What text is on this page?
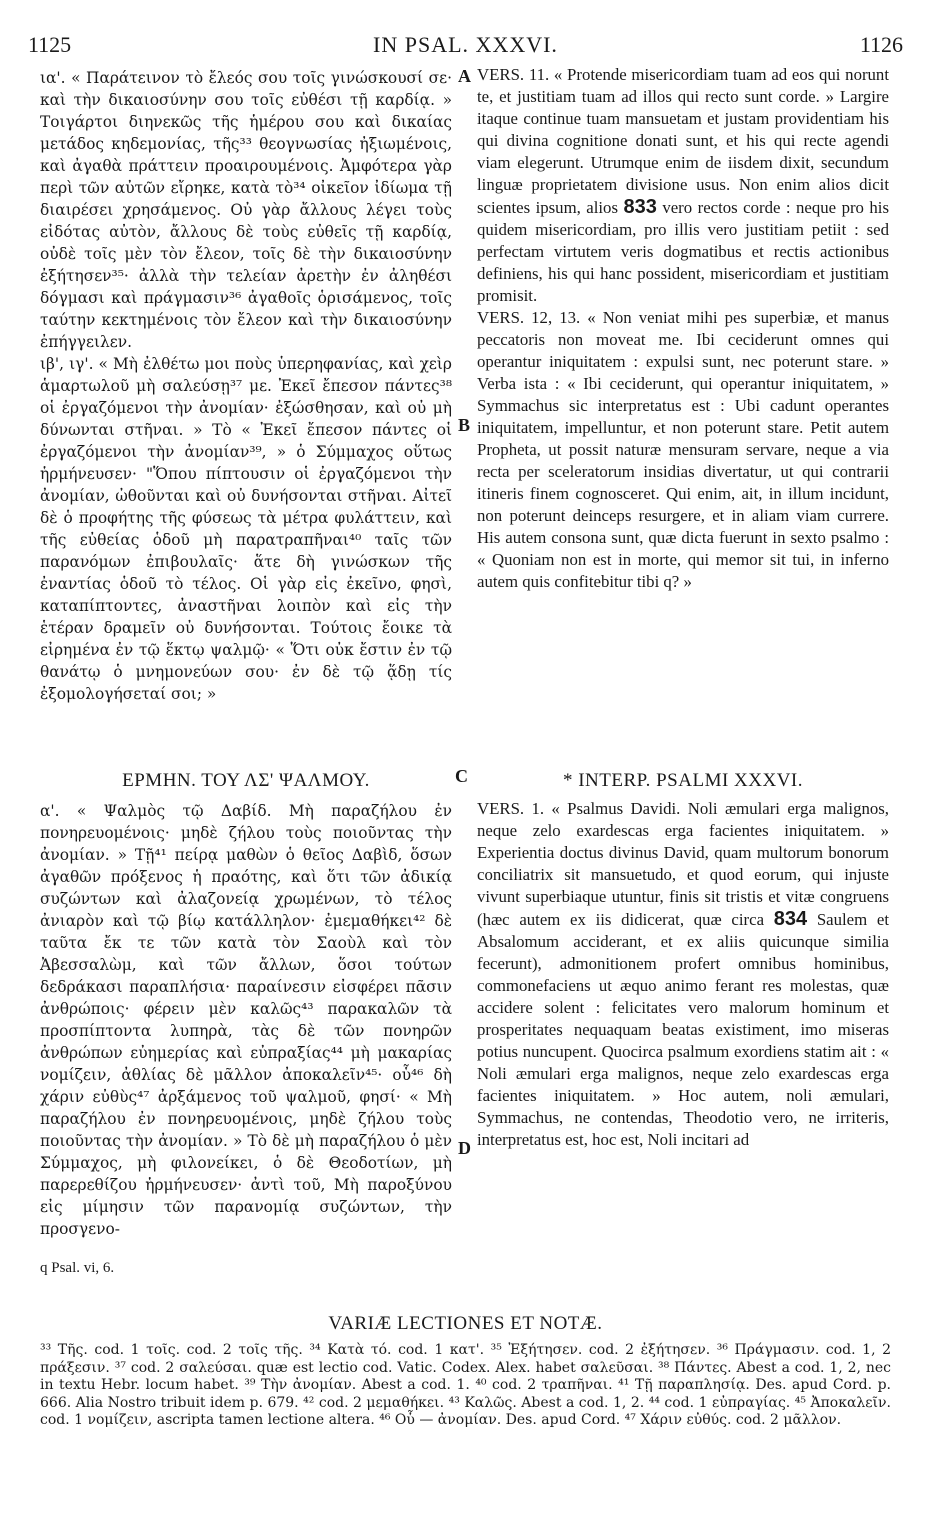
1125	IN PSAL. XXXVI.	1126
A
B
C
D

ια'. « Παράτεινον τὸ ἔλεός σου τοῖς γινώσκουσί σε· καὶ τὴν δικαιοσύνην σου τοῖς εὐθέσι τῇ καρδίᾳ. » Τοιγάρτοι διηνεκῶς τῆς ἡμέρου σου καὶ δικαίας μετάδος κηδεμονίας, τῆς³³ θεογνωσίας ἠξιωμένοις, καὶ ἀγαθὰ πράττειν προαιρουμένοις. Ἀμφότερα γὰρ περὶ τῶν αὐτῶν εἴρηκε, κατὰ τὸ³⁴ οἰκεῖον ἰδίωμα τῇ διαιρέσει χρησάμενος. Οὐ γὰρ ἄλλους λέγει τοὺς εἰδότας αὐτὸν, ἄλλους δὲ τοὺς εὐθεῖς τῇ καρδίᾳ, οὐδὲ τοῖς μὲν τὸν ἔλεον, τοῖς δὲ τὴν δικαιοσύνην ἐξήτησεν³⁵· ἀλλὰ τὴν τελείαν ἀρετὴν ἐν ἀληθέσι δόγμασι καὶ πράγμασιν³⁶ ἀγαθοῖς ὁρισάμενος, τοῖς ταύτην κεκτημένοις τὸν ἔλεον καὶ τὴν δικαιοσύνην ἐπήγγειλεν.

ιβ', ιγ'. « Μὴ ἐλθέτω μοι ποὺς ὑπερηφανίας, καὶ χεὶρ ἁμαρτωλοῦ μὴ σαλεύσῃ³⁷ με. Ἐκεῖ ἔπεσον πάντες³⁸ οἱ ἐργαζόμενοι τὴν ἀνομίαν· ἐξώσθησαν, καὶ οὐ μὴ δύνωνται στῆναι. » Τὸ « Ἐκεῖ ἔπεσον πάντες οἱ ἐργαζόμενοι τὴν ἀνομίαν³⁹, » ὁ Σύμμαχος οὕτως ἡρμήνευσεν· "Ὅπου πίπτουσιν οἱ ἐργαζόμενοι τὴν ἀνομίαν, ὠθοῦνται καὶ οὐ δυνήσονται στῆναι. Αἰτεῖ δὲ ὁ προφήτης τῆς φύσεως τὰ μέτρα φυλάττειν, καὶ τῆς εὐθείας ὁδοῦ μὴ παρατραπῆναι⁴⁰ ταῖς τῶν παρανόμων ἐπιβουλαῖς· ἅτε δὴ γινώσκων τῆς ἐναντίας ὁδοῦ τὸ τέλος. Οἱ γὰρ εἰς ἐκεῖνο, φησὶ, καταπίπτοντες, ἀναστῆναι λοιπὸν καὶ εἰς τὴν ἑτέραν δραμεῖν οὐ δυνήσονται. Τούτοις ἔοικε τὰ εἰρημένα ἐν τῷ ἕκτῳ ψαλμῷ· « Ὅτι οὐκ ἔστιν ἐν τῷ θανάτῳ ὁ μνημονεύων σου· ἐν δὲ τῷ ᾅδῃ τίς ἐξομολογήσεταί σοι; »

VERS. 11. « Protende misericordiam tuam ad eos qui norunt te, et justitiam tuam ad illos qui recto sunt corde. » Largire itaque continue tuam mansuetam et justam providentiam his qui divina cognitione donati sunt, et his qui recte agendi viam elegerunt. Utrumque enim de iisdem dixit, secundum linguæ proprietatem divisione usus. Non enim alios dicit scientes ipsum, alios 833 vero rectos corde : neque pro his quidem misericordiam, pro illis vero justitiam petiit : sed perfectam virtutem veris dogmatibus et rectis actionibus definiens, his qui hanc possident, misericordiam et justitiam promisit.

VERS. 12, 13. « Non veniat mihi pes superbiæ, et manus peccatoris non moveat me. Ibi ceciderunt omnes qui operantur iniquitatem : expulsi sunt, nec poterunt stare. » Verba ista : « Ibi ceciderunt, qui operantur iniquitatem, » Symmachus sic interpretatus est : Ubi cadunt operantes iniquitatem, impelluntur, et non poterunt stare. Petit autem Propheta, ut possit naturæ mensuram servare, neque a via recta per sceleratorum insidias divertatur, ut qui contrarii itineris finem cognosceret. Qui enim, ait, in illum incidunt, non poterunt deinceps resurgere, et in aliam viam currere. His autem consona sunt, quæ dicta fuerunt in sexto psalmo : « Quoniam non est in morte, qui memor sit tui, in inferno autem quis confitebitur tibi q? »

ΕΡΜΗΝ. ΤΟΥ ΛΣ' ΨΑΛΜΟΥ.	* INTERP. PSALMI XXXVI.

α'. « Ψαλμὸς τῷ Δαβίδ. Μὴ παραζήλου ἐν πονηρευομένοις· μηδὲ ζήλου τοὺς ποιοῦντας τὴν ἀνομίαν. » Τῇ⁴¹ πείρᾳ μαθὼν ὁ θεῖος Δαβὶδ, ὅσων ἀγαθῶν πρόξενος ἡ πραότης, καὶ ὅτι τῶν ἀδικίᾳ συζώντων καὶ ἀλαζονείᾳ χρωμένων, τὸ τέλος ἀνιαρὸν καὶ τῷ βίῳ κατάλληλον· ἐμεμαθήκει⁴² δὲ ταῦτα ἔκ τε τῶν κατὰ τὸν Σαοὺλ καὶ τὸν Ἀβεσσαλὼμ, καὶ τῶν ἄλλων, ὅσοι τούτων δεδράκασι παραπλήσια· παραίνεσιν εἰσφέρει πᾶσιν ἀνθρώποις· φέρειν μὲν καλῶς⁴³ παρακαλῶν τὰ προσπίπτοντα λυπηρὰ, τὰς δὲ τῶν πονηρῶν ἀνθρώπων εὐημερίας καὶ εὐπραξίας⁴⁴ μὴ μακαρίας νομίζειν, ἀθλίας δὲ μᾶλλον ἀποκαλεῖν⁴⁵· οὗ⁴⁶ δὴ χάριν εὐθὺς⁴⁷ ἀρξάμενος τοῦ ψαλμοῦ, φησί· « Μὴ παραζήλου ἐν πονηρευομένοις, μηδὲ ζήλου τοὺς ποιοῦντας τὴν ἀνομίαν. » Τὸ δὲ μὴ παραζήλου ὁ μὲν Σύμμαχος, μὴ φιλονείκει, ὁ δὲ Θεοδοτίων, μὴ παρερεθίζου ἡρμήνευσεν· ἀντὶ τοῦ, Μὴ παροξύνου εἰς μίμησιν τῶν παρανομίᾳ συζώντων, τὴν προσγενο-

VERS. 1. « Psalmus Davidi. Noli æmulari erga malignos, neque zelo exardescas erga facientes iniquitatem. » Experientia doctus divinus David, quam multorum bonorum conciliatrix sit mansuetudo, et quod eorum, qui injuste vivunt superbiaque utuntur, finis sit tristis et vitæ congruens (hæc autem ex iis didicerat, quæ circa 834 Saulem et Absalomum acciderant, et ex aliis quicunque similia fecerunt), admonitionem profert omnibus hominibus, commonefaciens ut æquo animo ferant res molestas, quæ accidere solent : felicitates vero malorum hominum et prosperitates nequaquam beatas existiment, imo miseras potius nuncupent. Quocirca psalmum exordiens statim ait : « Noli æmulari erga malignos, neque zelo exardescas erga facientes iniquitatem. » Hoc autem, noli æmulari, Symmachus, ne contendas, Theodotio vero, ne irriteris, interpretatus est, hoc est, Noli incitari ad

q Psal. vi, 6.
VARIÆ LECTIONES ET NOTÆ.
³³ Τῆς. cod. 1 τοῖς. cod. 2 τοῖς τῆς. ³⁴ Κατὰ τό. cod. 1 κατ'. ³⁵ Ἐξήτησεν. cod. 2 ἐξήτησεν. ³⁶ Πράγμασιν. cod. 1, 2 πράξεσιν. ³⁷ cod. 2 σαλεύσαι. quæ est lectio cod. Vatic. Codex. Alex. habet σαλεῦσαι. ³⁸ Πάντες. Abest a cod. 1, 2, nec in textu Hebr. locum habet. ³⁹ Τὴν ἀνομίαν. Abest a cod. 1. ⁴⁰ cod. 2 τραπῆναι. ⁴¹ Τῇ παραπλησίᾳ. Des. apud Cord. p. 666. Alia Nostro tribuit idem p. 679. ⁴² cod. 2 μεμαθήκει. ⁴³ Καλῶς. Abest a cod. 1, 2. ⁴⁴ cod. 1 εὐπραγίας. ⁴⁵ Ἀποκαλεῖν. cod. 1 νομίζειν, ascripta tamen lectione altera. ⁴⁶ Οὗ — ἀνομίαν. Des. apud Cord. ⁴⁷ Χάριν εὐθύς. cod. 2 μᾶλλον.
